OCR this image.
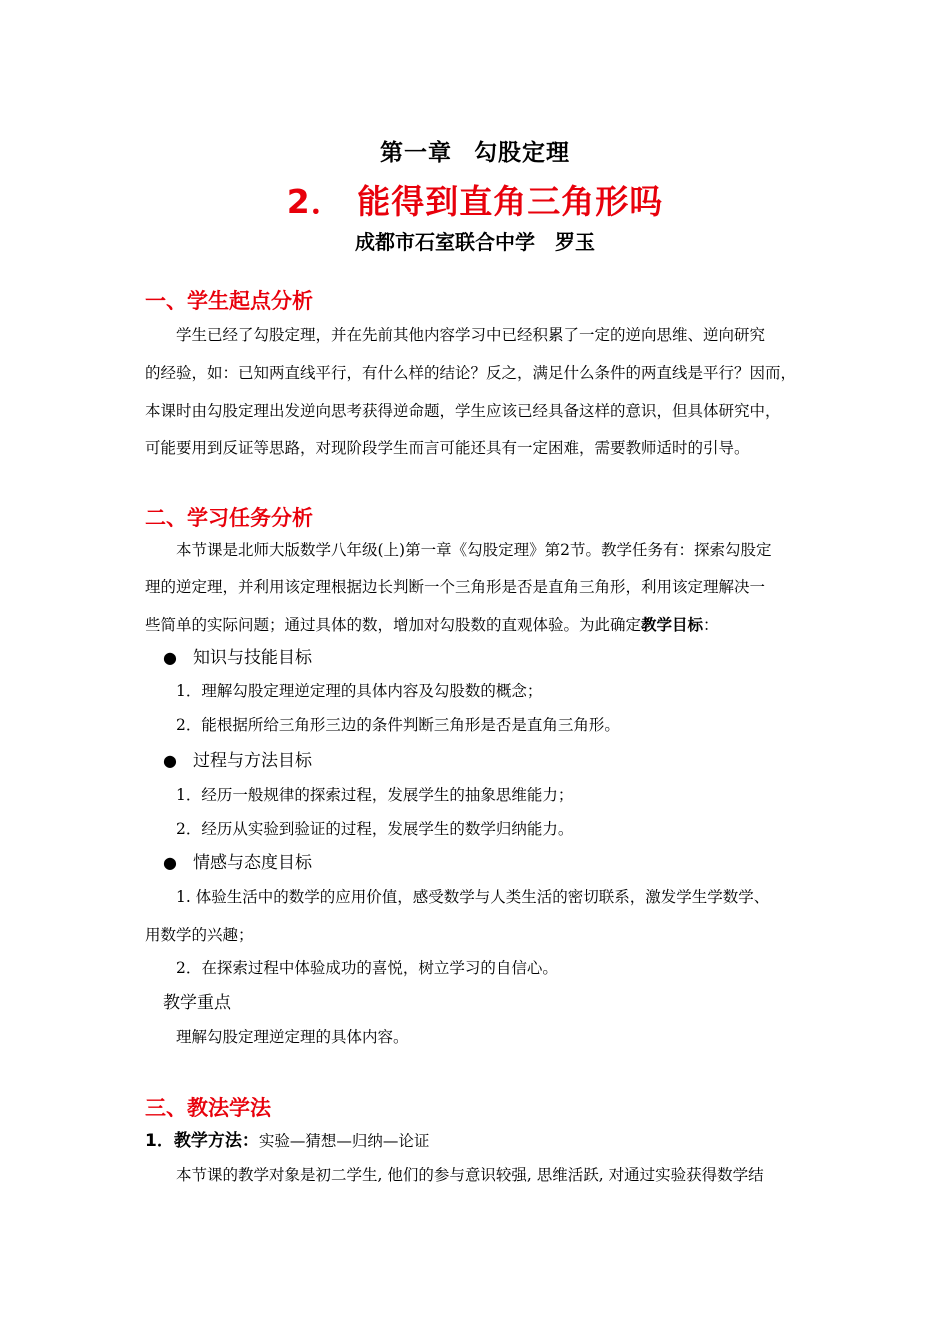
第一章 勾股定理
2． 能得到直角三角形吗
成都市石室联合中学 罗玉
一、学生起点分析
学生已经了勾股定理，并在先前其他内容学习中已经积累了一定的逆向思维、逆向研究
的经验，如：已知两直线平行，有什么样的结论？反之，满足什么条件的两直线是平行？因而，
本课时由勾股定理出发逆向思考获得逆命题，学生应该已经具备这样的意识，但具体研究中，
可能要用到反证等思路，对现阶段学生而言可能还具有一定困难，需要教师适时的引导。
二、学习任务分析
本节课是北师大版数学八年级(上)第一章《勾股定理》第2节。教学任务有：探索勾股定
理的逆定理，并利用该定理根据边长判断一个三角形是否是直角三角形，利用该定理解决一
些简单的实际问题；通过具体的数，增加对勾股数的直观体验。为此确定教学目标：
● 知识与技能目标
1．理解勾股定理逆定理的具体内容及勾股数的概念；
2．能根据所给三角形三边的条件判断三角形是否是直角三角形。
● 过程与方法目标
1．经历一般规律的探索过程，发展学生的抽象思维能力；
2．经历从实验到验证的过程，发展学生的数学归纳能力。
● 情感与态度目标
1. 体验生活中的数学的应用价值，感受数学与人类生活的密切联系，激发学生学数学、
用数学的兴趣；
2．在探索过程中体验成功的喜悦，树立学习的自信心。
教学重点
理解勾股定理逆定理的具体内容。
三、教法学法
1．教学方法：实验—猜想—归纳—论证
本节课的教学对象是初二学生, 他们的参与意识较强, 思维活跃, 对通过实验获得数学结
